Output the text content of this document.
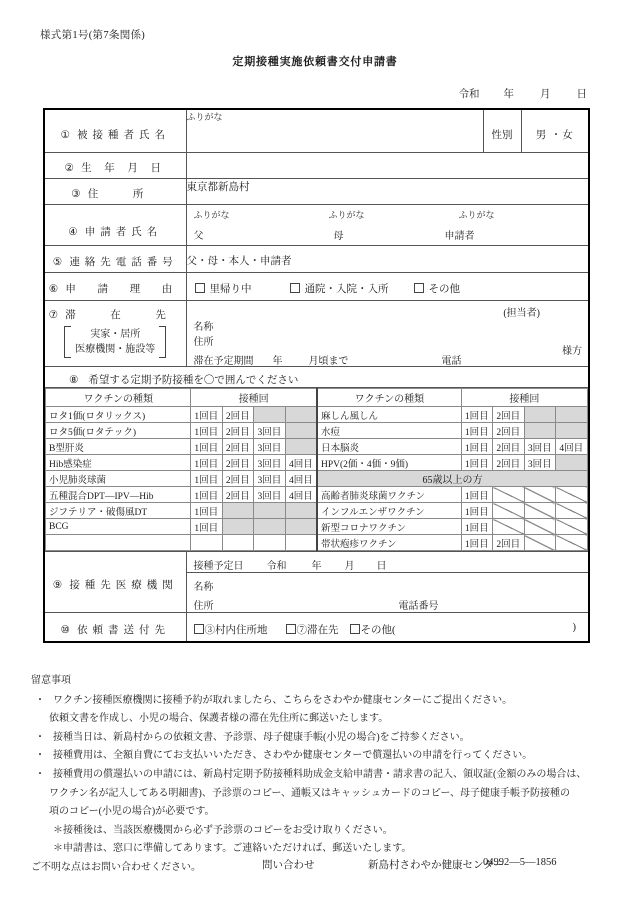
様式第1号(第7条関係)
定期接種実施依頼書交付申請書
令和 年 月 日
① 被接種者氏名

ふりがな

性別	男 ・女

② 生 年 月 日

③ 住 所
	東京都新島村

④ 申請者氏名

ふりがな	ふりがな	ふりがな
父	母	申請者

⑤ 連絡先電話番号	父・母・本人・申請者

⑥ 申 請 理 由	里帰り中	通院・入院・入所	その他

⑦ 滞 在 先
実家・居所
医療機関・施設等

(担当者)
名称
住所
様方
滞在予定期間 年	月頃まで	電話

⑧ 希望する定期予防接種を〇で囲んでください

ワクチンの種類	接種回	ワクチンの種類	接種回
ロタ1価(ロタリックス)	1回目	2回目			麻しん風しん	1回目	2回目		
ロタ5価(ロタテック)	1回目	2回目	3回目		水痘	1回目	2回目		
B型肝炎	1回目	2回目	3回目		日本脳炎	1回目	2回目	3回目	4回目
Hib感染症	1回目	2回目	3回目	4回目	HPV(2価・4価・9価)	1回目	2回目	3回目	
小児肺炎球菌	1回目	2回目	3回目	4回目	65歳以上の方
五種混合DPT—IPV—Hib	1回目	2回目	3回目	4回目	高齢者肺炎球菌ワクチン	1回目			
ジフテリア・破傷風DT	1回目				インフルエンザワクチン	1回目			
BCG	1回目				新型コロナワクチン	1回目			
					帯状疱疹ワクチン	1回目	2回目		

⑨ 接種先医療機関

接種予定日 令和	年 月 日
名称
住所	電話番号

⑩ 依頼書送付先	③村内住所地	⑦滞在先	その他(	)
留意事項
・ ワクチン接種医療機関に接種予約が取れましたら、こちらをさわやか健康センターにご提出ください。
依頼文書を作成し、小児の場合、保護者様の滞在先住所に郵送いたします。
・ 接種当日は、新島村からの依頼文書、予診票、母子健康手帳(小児の場合)をご持参ください。
・ 接種費用は、全額自費にてお支払いいただき、さわやか健康センターで償還払いの申請を行ってください。
・ 接種費用の償還払いの申請には、新島村定期予防接種料助成金支給申請書・請求書の記入、領収証(金額のみの場合は、
ワクチン名が記入してある明細書)、予診票のコピー、通帳又はキャッシュカードのコピー、母子健康手帳予防接種の
項のコピー(小児の場合)が必要です。
＊接種後は、当該医療機関から必ず予診票のコピーをお受け取りください。
＊申請書は、窓口に準備してあります。ご連絡いただければ、郵送いたします。
ご不明な点はお問い合わせください。	問い合わせ	新島村さわやか健康センター
04992—5—1856
